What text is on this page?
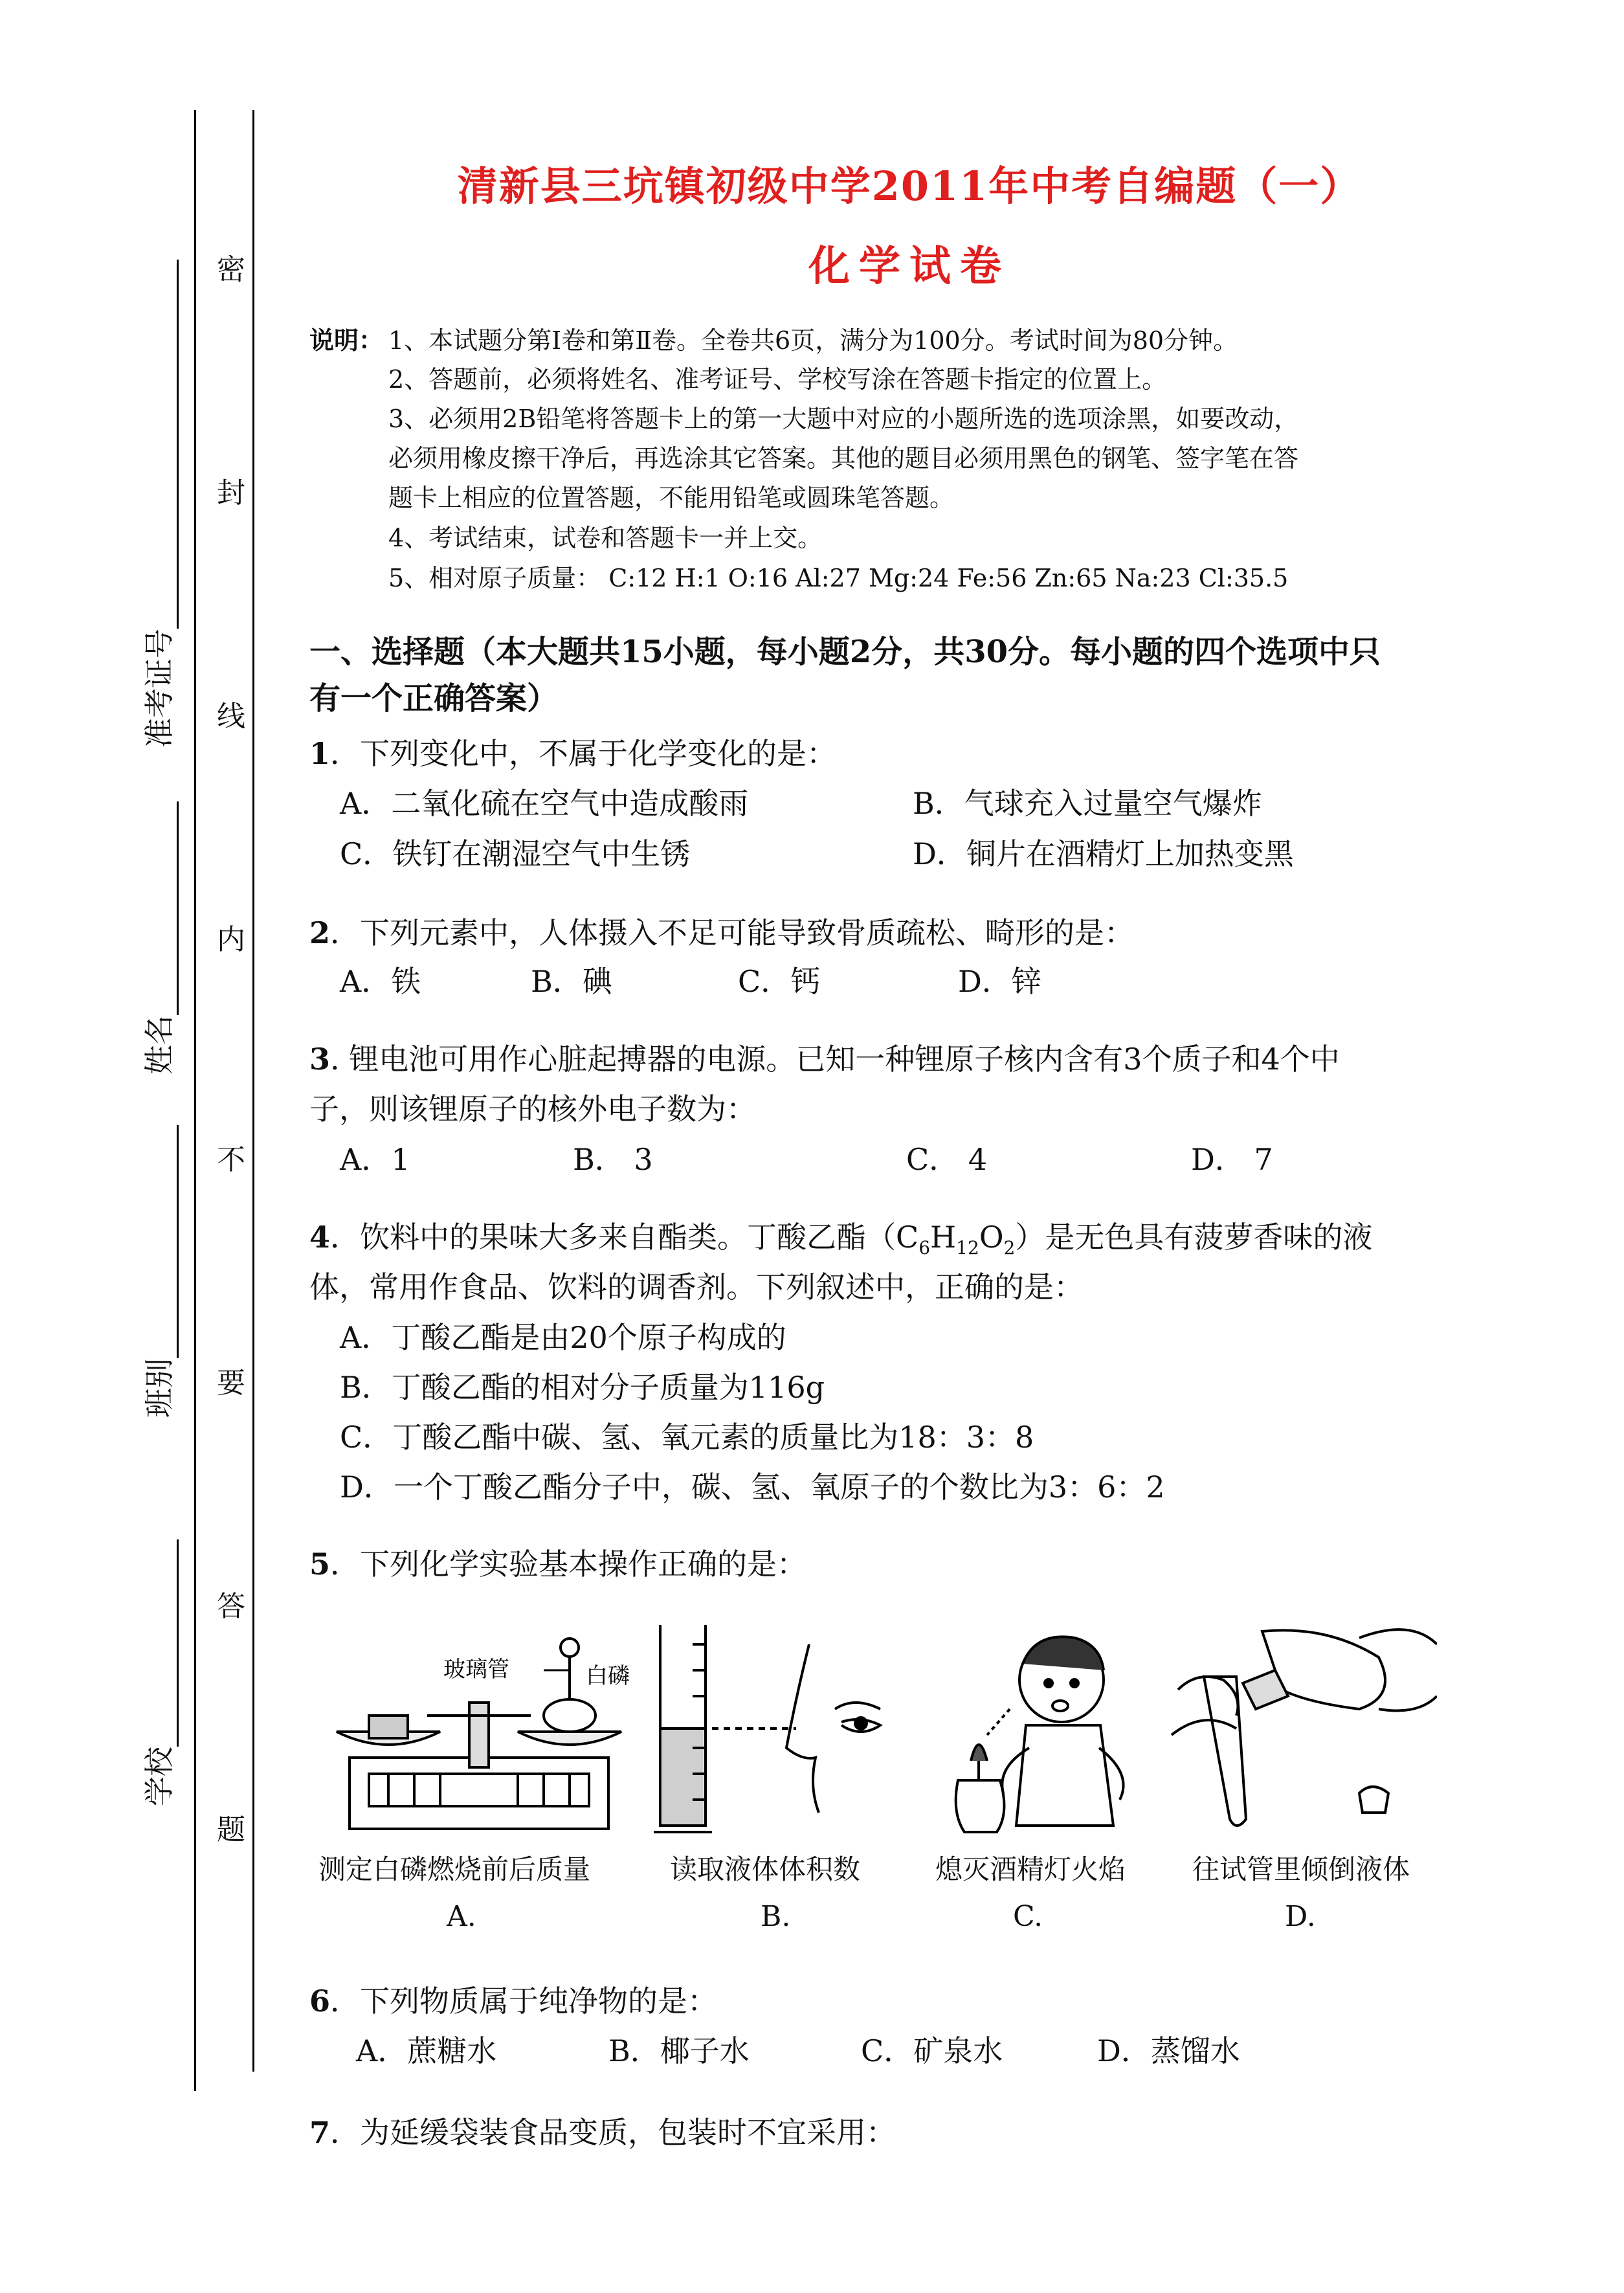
密
封
线
内
不
要
答
题
学校
班别
姓名
准考证号
清新县三坑镇初级中学2011年中考自编题（一）
化学试卷
说明： 1、本试题分第Ⅰ卷和第Ⅱ卷。全卷共6页，满分为100分。考试时间为80分钟。
2、答题前，必须将姓名、准考证号、学校写涂在答题卡指定的位置上。
3、必须用2B铅笔将答题卡上的第一大题中对应的小题所选的选项涂黑，如要改动，
必须用橡皮擦干净后，再选涂其它答案。其他的题目必须用黑色的钢笔、签字笔在答
题卡上相应的位置答题，不能用铅笔或圆珠笔答题。
4、考试结束，试卷和答题卡一并上交。
5、相对原子质量： C:12 H:1 O:16 Al:27 Mg:24 Fe:56 Zn:65 Na:23 Cl:35.5
一、选择题（本大题共15小题，每小题2分，共30分。每小题的四个选项中只
有一个正确答案）
1．下列变化中，不属于化学变化的是：
A．二氧化硫在空气中造成酸雨	B．气球充入过量空气爆炸
C．铁钉在潮湿空气中生锈	D．铜片在酒精灯上加热变黑
2．下列元素中，人体摄入不足可能导致骨质疏松、畸形的是：
A．铁	B．碘	C．钙	D．锌
3. 锂电池可用作心脏起搏器的电源。已知一种锂原子核内含有3个质子和4个中
子，则该锂原子的核外电子数为：
A．1	B． 3	C． 4	D． 7
4．饮料中的果味大多来自酯类。丁酸乙酯$(C_6H_{12}O_2)$是无色具有菠萝香味的液
体，常用作食品、饮料的调香剂。下列叙述中，正确的是：
A．丁酸乙酯是由20个原子构成的
B．丁酸乙酯的相对分子质量为116g
C．丁酸乙酯中碳、氢、氧元素的质量比为18：3：8
D．一个丁酸乙酯分子中，碳、氢、氧原子的个数比为3：6：2
5．下列化学实验基本操作正确的是：
玻璃管	白磷
测定白磷燃烧前后质量	读取液体体积数	熄灭酒精灯火焰 往试管里倾倒液体
A.	B.	C.	D.
6．下列物质属于纯净物的是：
A．蔗糖水	B．椰子水	C．矿泉水	D．蒸馏水
7．为延缓袋装食品变质，包装时不宜采用：
